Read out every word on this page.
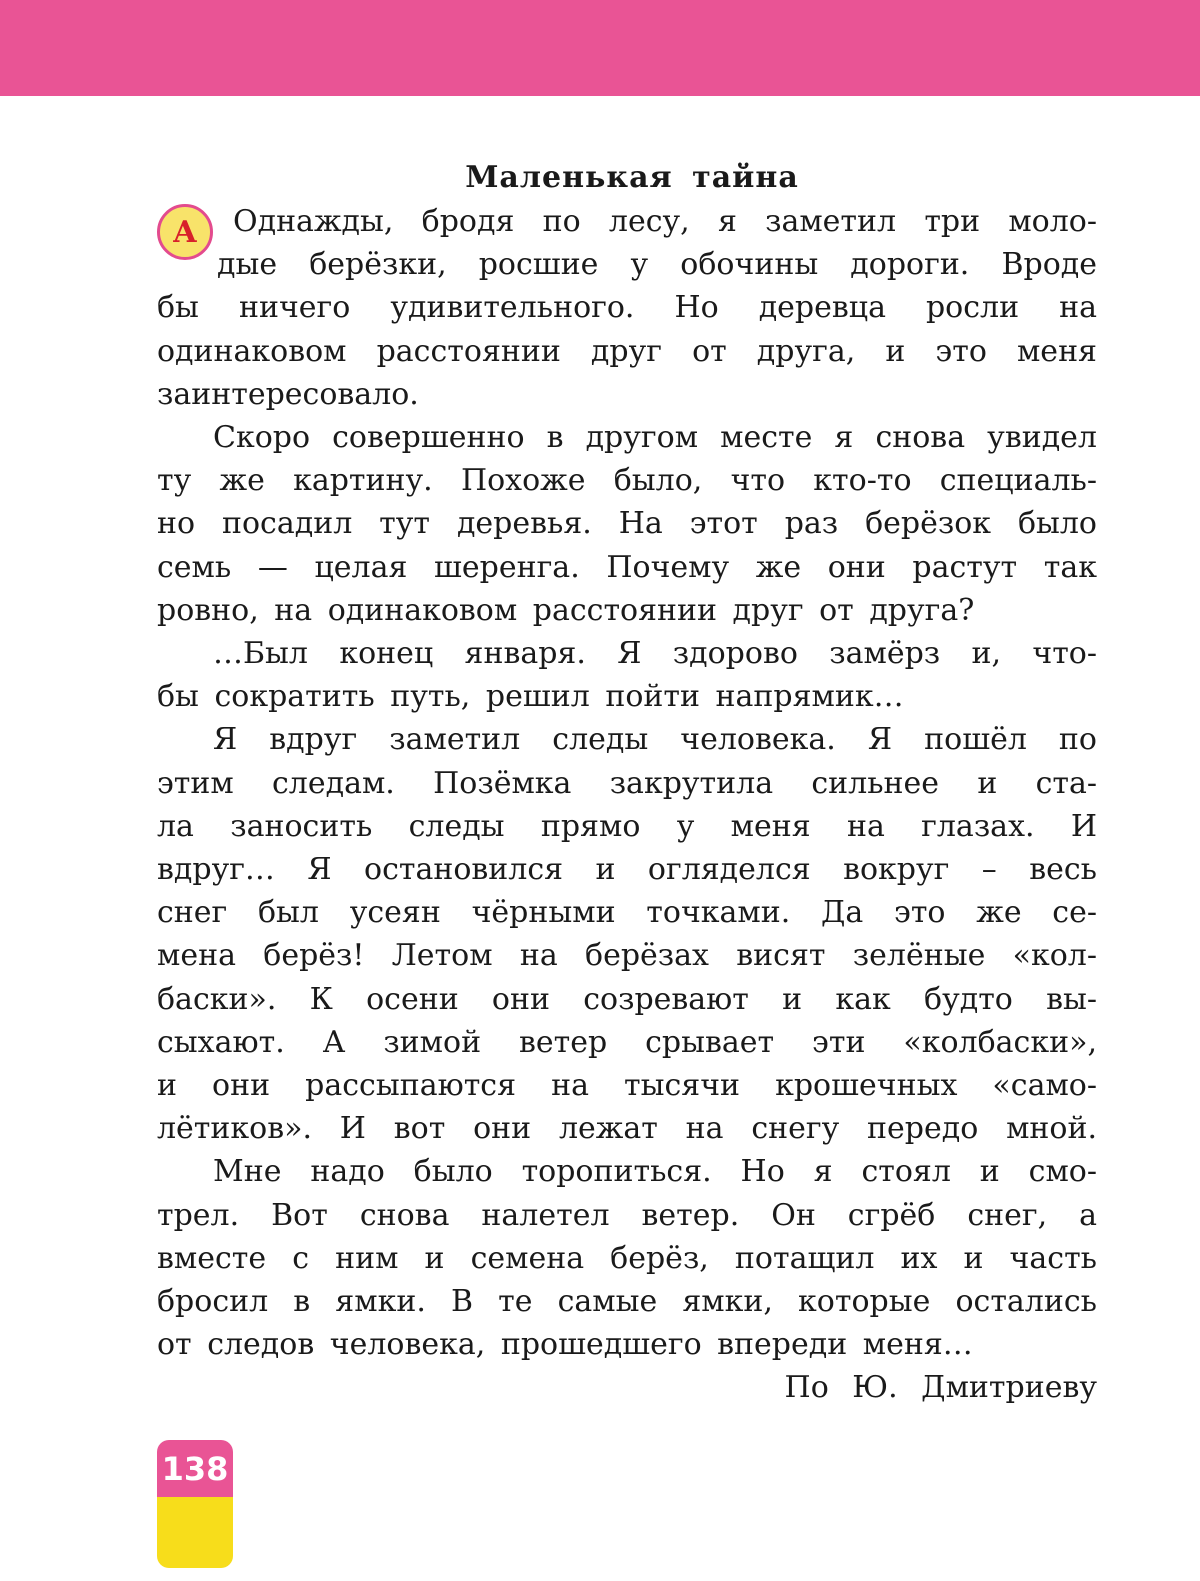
А
Маленькая тайна
Однажды, бродя по лесу, я заметил три моло-
дые берёзки, росшие у обочины дороги. Вроде
бы ничего удивительного. Но деревца росли на
одинаковом расстоянии друг от друга, и это меня
заинтересовало.
Скоро совершенно в другом месте я снова увидел
ту же картину. Похоже было, что кто-то специаль-
но посадил тут деревья. На этот раз берёзок было
семь — целая шеренга. Почему же они растут так
ровно, на одинаковом расстоянии друг от друга?
…Был конец января. Я здорово замёрз и, что-
бы сократить путь, решил пойти напрямик…
Я вдруг заметил следы человека. Я пошёл по
этим следам. Позёмка закрутила сильнее и ста-
ла заносить следы прямо у меня на глазах. И
вдруг… Я остановился и огляделся вокруг – весь
снег был усеян чёрными точками. Да это же се-
мена берёз! Летом на берёзах висят зелёные «кол-
баски». К осени они созревают и как будто вы-
сыхают. А зимой ветер срывает эти «колбаски»,
и они рассыпаются на тысячи крошечных «само-
лётиков». И вот они лежат на снегу передо мной.
Мне надо было торопиться. Но я стоял и смо-
трел. Вот снова налетел ветер. Он сгрёб снег, а
вместе с ним и семена берёз, потащил их и часть
бросил в ямки. В те самые ямки, которые остались
от следов человека, прошедшего впереди меня…

По Ю. Дмитриеву

138
